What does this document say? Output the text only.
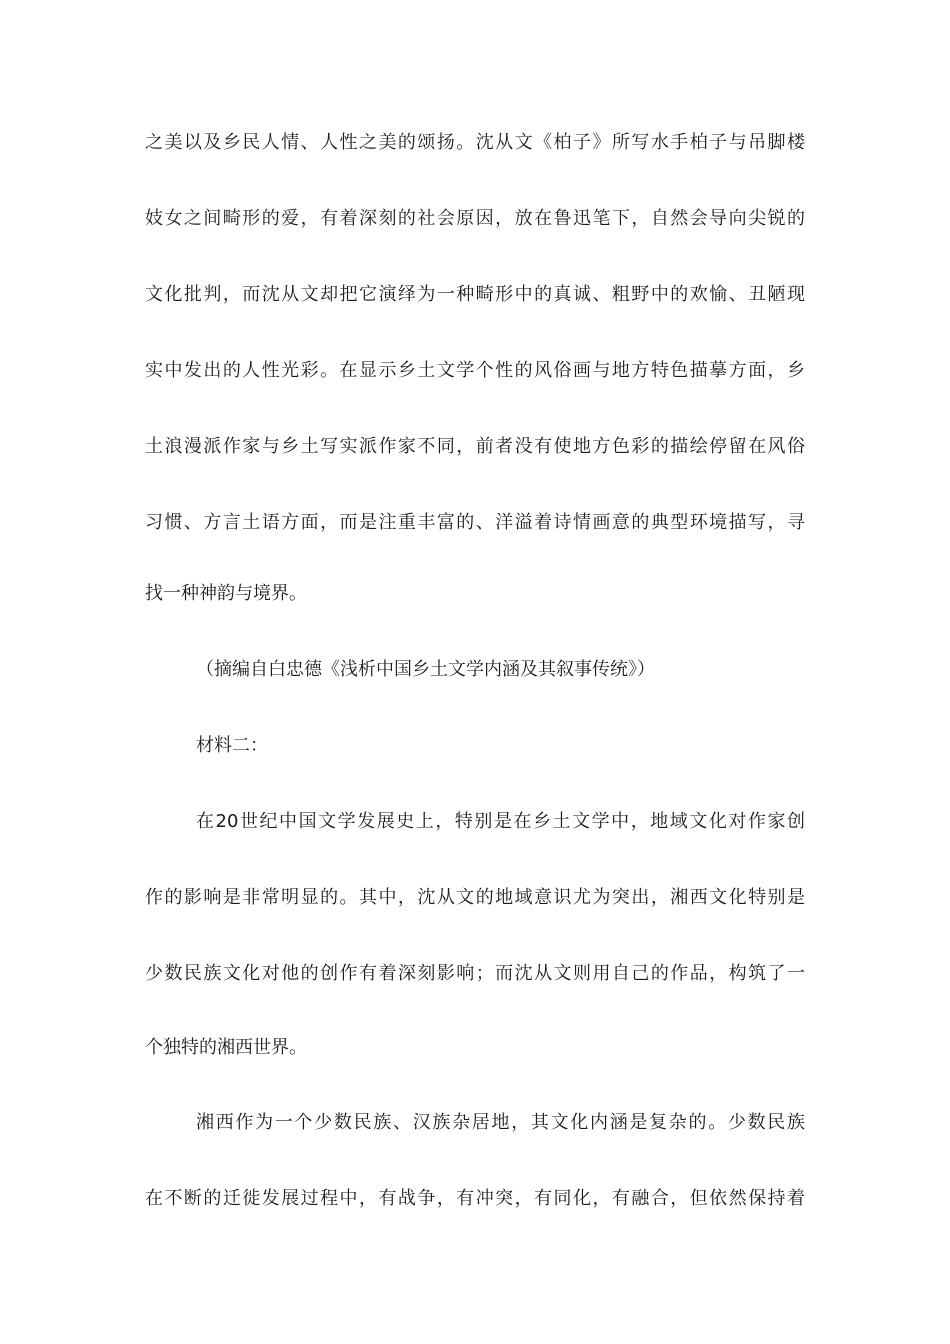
之美以及乡民人情、人性之美的颂扬。沈从文《柏子》所写水手柏子与吊脚楼
妓女之间畸形的爱，有着深刻的社会原因，放在鲁迅笔下，自然会导向尖锐的
文化批判，而沈从文却把它演绎为一种畸形中的真诚、粗野中的欢愉、丑陋现
实中发出的人性光彩。在显示乡土文学个性的风俗画与地方特色描摹方面，乡
土浪漫派作家与乡土写实派作家不同，前者没有使地方色彩的描绘停留在风俗
习惯、方言土语方面，而是注重丰富的、洋溢着诗情画意的典型环境描写，寻
找一种神韵与境界。
（摘编自白忠德《浅析中国乡土文学内涵及其叙事传统》）
材料二：
在20世纪中国文学发展史上，特别是在乡土文学中，地域文化对作家创
作的影响是非常明显的。其中，沈从文的地域意识尤为突出，湘西文化特别是
少数民族文化对他的创作有着深刻影响；而沈从文则用自己的作品，构筑了一
个独特的湘西世界。
湘西作为一个少数民族、汉族杂居地，其文化内涵是复杂的。少数民族
在不断的迁徙发展过程中，有战争，有冲突，有同化，有融合，但依然保持着
